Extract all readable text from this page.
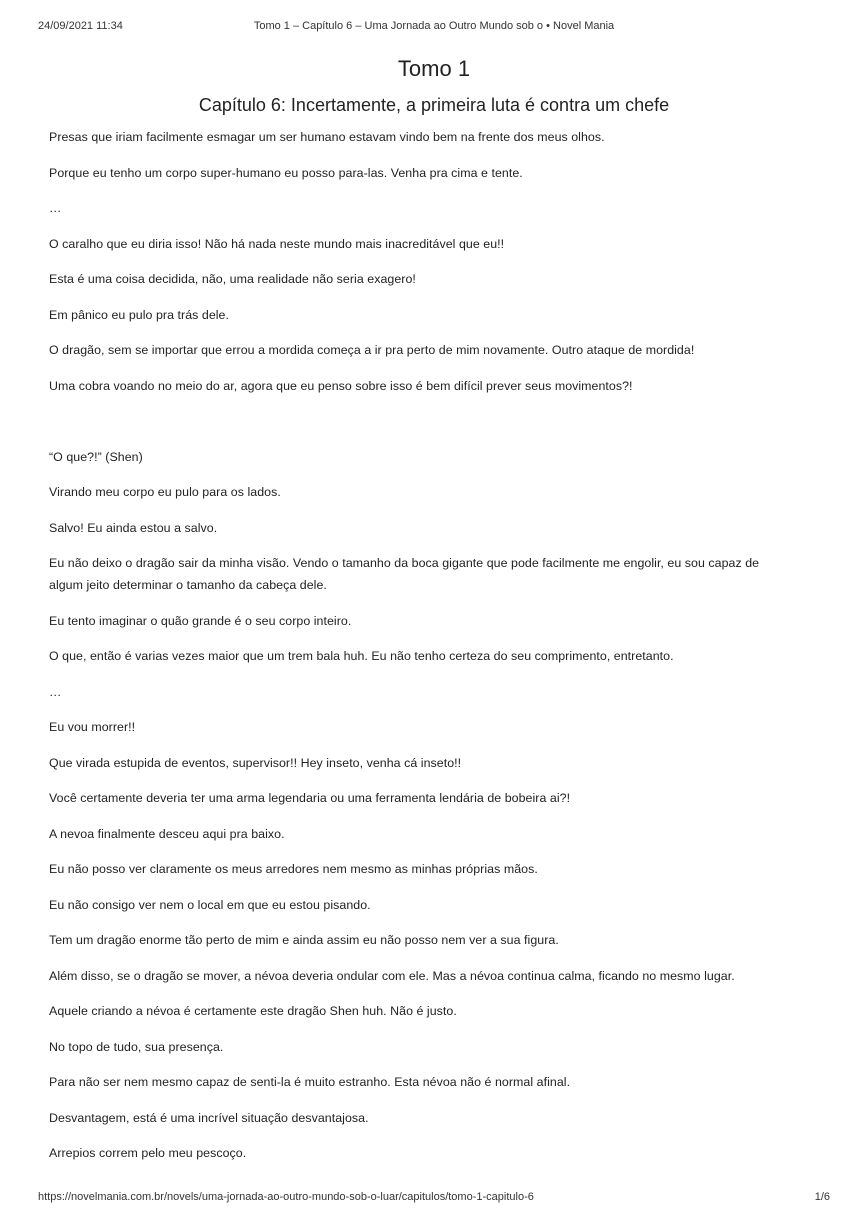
24/09/2021 11:34	Tomo 1 – Capítulo 6 – Uma Jornada ao Outro Mundo sob o • Novel Mania
Tomo 1
Capítulo 6: Incertamente, a primeira luta é contra um chefe

Presas que iriam facilmente esmagar um ser humano estavam vindo bem na frente dos meus olhos.

Porque eu tenho um corpo super-humano eu posso para-las. Venha pra cima e tente.

…

O caralho que eu diria isso! Não há nada neste mundo mais inacreditável que eu!!

Esta é uma coisa decidida, não, uma realidade não seria exagero!

Em pânico eu pulo pra trás dele.

O dragão, sem se importar que errou a mordida começa a ir pra perto de mim novamente. Outro ataque de mordida!

Uma cobra voando no meio do ar, agora que eu penso sobre isso é bem difícil prever seus movimentos?!

“O que?!” (Shen)

Virando meu corpo eu pulo para os lados.

Salvo! Eu ainda estou a salvo.

Eu não deixo o dragão sair da minha visão. Vendo o tamanho da boca gigante que pode facilmente me engolir, eu sou capaz de algum jeito determinar o tamanho da cabeça dele.

Eu tento imaginar o quão grande é o seu corpo inteiro.

O que, então é varias vezes maior que um trem bala huh. Eu não tenho certeza do seu comprimento, entretanto.

…

Eu vou morrer!!

Que virada estupida de eventos, supervisor!! Hey inseto, venha cá inseto!!

Você certamente deveria ter uma arma legendaria ou uma ferramenta lendária de bobeira ai?!

A nevoa finalmente desceu aqui pra baixo.

Eu não posso ver claramente os meus arredores nem mesmo as minhas próprias mãos.

Eu não consigo ver nem o local em que eu estou pisando.

Tem um dragão enorme tão perto de mim e ainda assim eu não posso nem ver a sua figura.

Além disso, se o dragão se mover, a névoa deveria ondular com ele. Mas a névoa continua calma, ficando no mesmo lugar.

Aquele criando a névoa é certamente este dragão Shen huh. Não é justo.

No topo de tudo, sua presença.

Para não ser nem mesmo capaz de senti-la é muito estranho. Esta névoa não é normal afinal.

Desvantagem, está é uma incrível situação desvantajosa.

Arrepios correm pelo meu pescoço.

https://novelmania.com.br/novels/uma-jornada-ao-outro-mundo-sob-o-luar/capitulos/tomo-1-capitulo-6	1/6
